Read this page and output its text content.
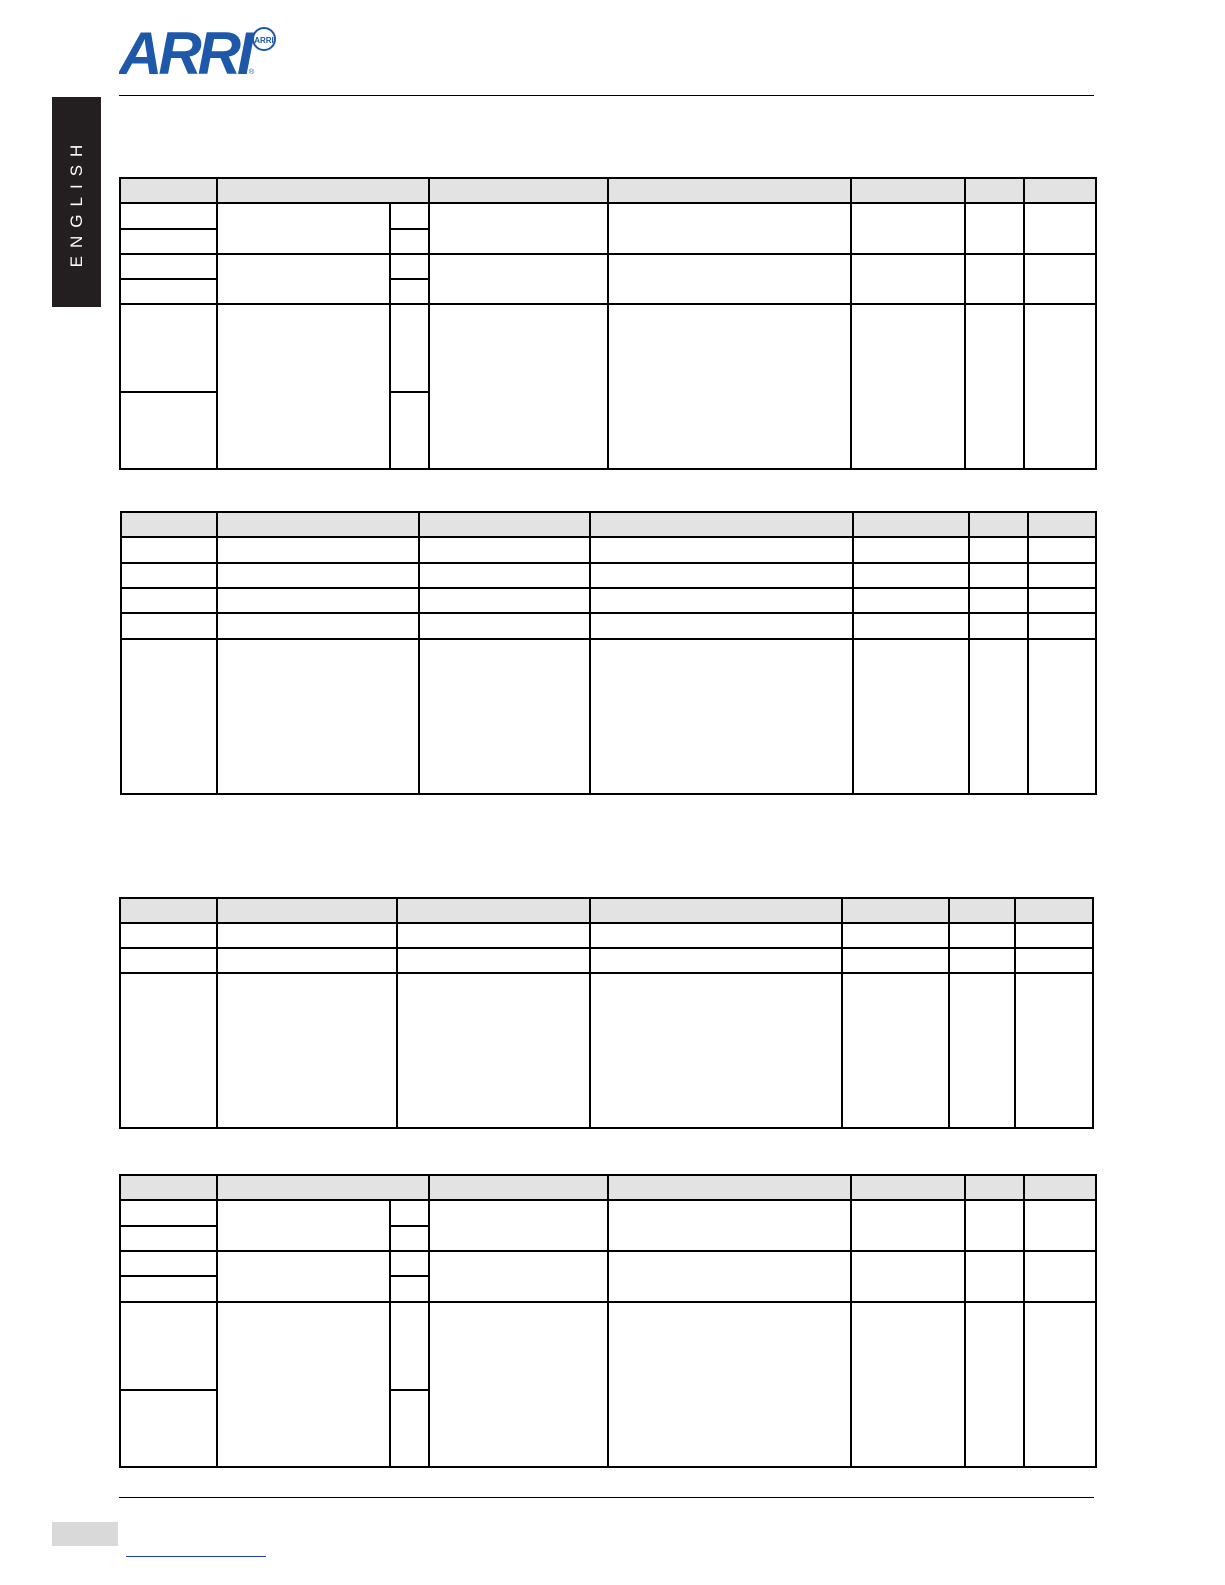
ARRI ARRI
®
ENGLISH
